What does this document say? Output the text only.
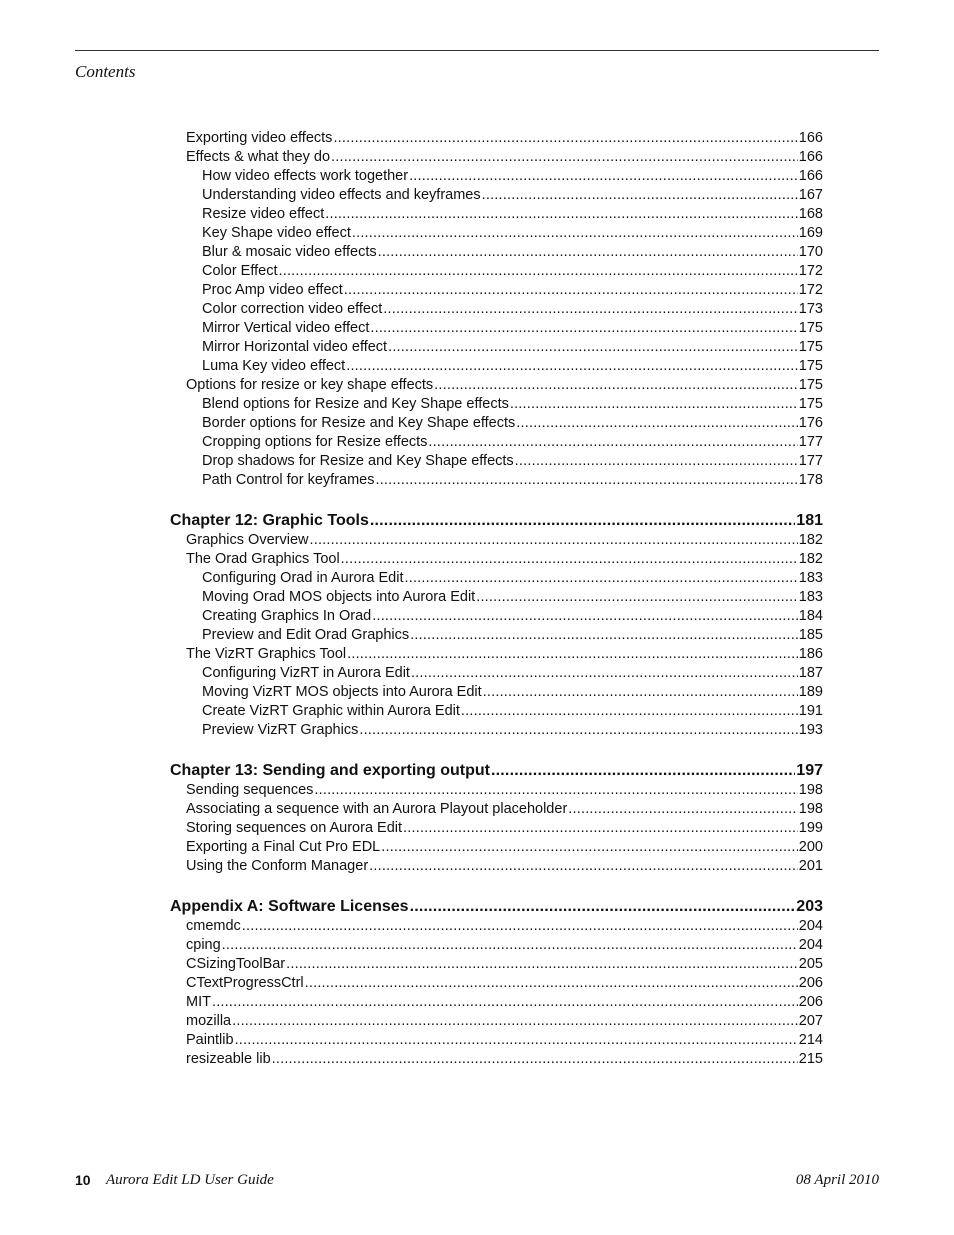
Contents
Exporting video effects .....	166
Effects & what they do .....	166
How video effects work together .....	166
Understanding video effects and keyframes .....	167
Resize video effect .....	168
Key Shape video effect .....	169
Blur & mosaic video effects .....	170
Color Effect .....	172
Proc Amp video effect .....	172
Color correction video effect .....	173
Mirror Vertical video effect .....	175
Mirror Horizontal video effect .....	175
Luma Key video effect .....	175
Options for resize or key shape effects .....	175
Blend options for Resize and Key Shape effects .....	175
Border options for Resize and Key Shape effects .....	176
Cropping options for Resize effects .....	177
Drop shadows for Resize and Key Shape effects .....	177
Path Control for keyframes .....	178
Chapter 12: Graphic Tools .....	181
Graphics Overview .....	182
The Orad Graphics Tool .....	182
Configuring Orad in Aurora Edit .....	183
Moving Orad MOS objects into Aurora Edit .....	183
Creating Graphics In Orad .....	184
Preview and Edit Orad Graphics .....	185
The VizRT Graphics Tool .....	186
Configuring VizRT in Aurora Edit .....	187
Moving VizRT MOS objects into Aurora Edit .....	189
Create VizRT Graphic within Aurora Edit .....	191
Preview VizRT Graphics .....	193
Chapter 13: Sending and exporting output .....	197
Sending sequences .....	198
Associating a sequence with an Aurora Playout placeholder .....	198
Storing sequences on Aurora Edit .....	199
Exporting a Final Cut Pro EDL .....	200
Using the Conform Manager .....	201
Appendix A: Software Licenses .....	203
cmemdc .....	204
cping .....	204
CSizingToolBar .....	205
CTextProgressCtrl .....	206
MIT .....	206
mozilla .....	207
Paintlib .....	214
resizeable lib .....	215
10 Aurora Edit LD User Guide	08 April 2010
